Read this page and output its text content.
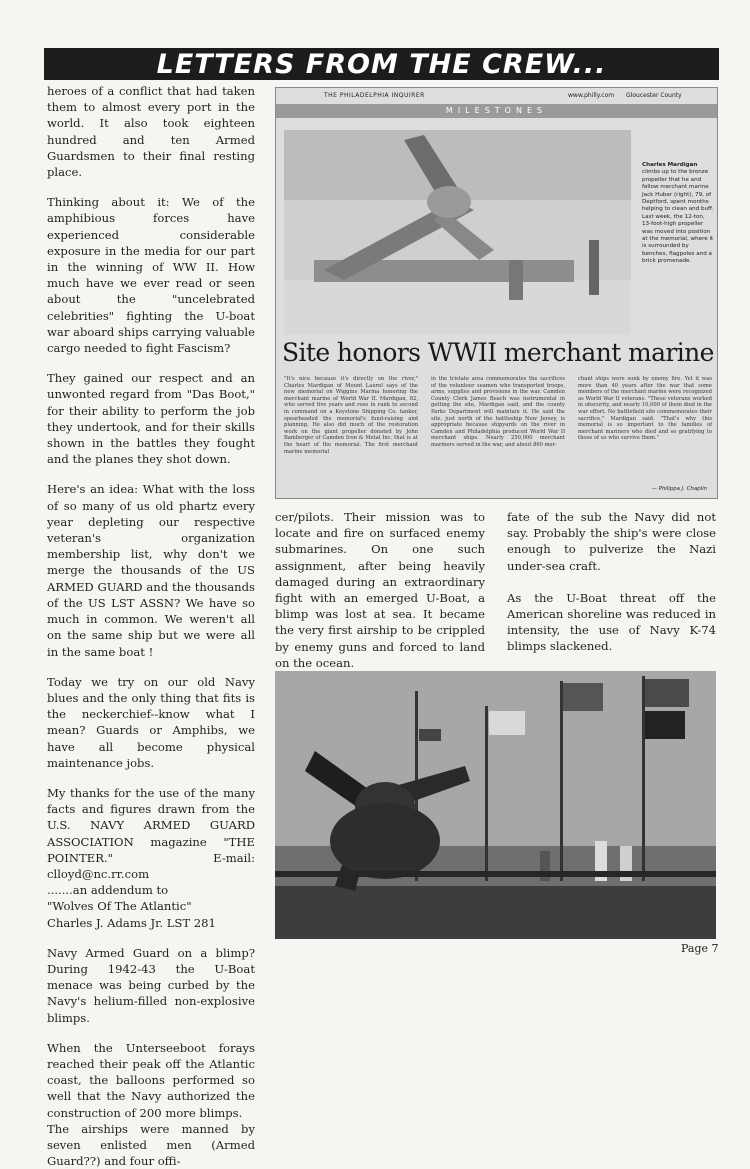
LETTERS FROM THE CREW...

heroes of a conflict that had taken them to almost every port in the world. It also took eighteen hundred and ten Armed Guardsmen to their final resting place.

Thinking about it: We of the amphibious forces have experienced considerable exposure in the media for our part in the winning of WW II. How much have we ever read or seen about the "uncelebrated celebrities" fighting the U-boat war aboard ships carrying valuable cargo needed to fight Fascism?

They gained our respect and an unwonted regard from "Das Boot," for their ability to perform the job they undertook, and for their skills shown in the battles they fought and the planes they shot down.

Here's an idea: What with the loss of so many of us old phartz every year depleting our respective veteran's organization membership list, why don't we merge the thousands of the US ARMED GUARD and the thousands of the US LST ASSN? We have so much in common. We weren't all on the same ship but we were all in the same boat !

Today we try on our old Navy blues and the only thing that fits is the neckerchief--know what I mean? Guards or Amphibs, we have all become physical maintenance jobs.

My thanks for the use of the many facts and figures drawn from the U.S. NAVY ARMED GUARD ASSOCIATION magazine "THE POINTER." E-mail: clloyd@nc.rr.com

.......an addendum to

"Wolves Of The Atlantic"

Charles J. Adams Jr. LST 281

Navy Armed Guard on a blimp? During 1942-43 the U-Boat menace was being curbed by the Navy's helium-filled non-explosive blimps.

When the Unterseeboot forays reached their peak off the Atlantic coast, the balloons performed so well that the Navy authorized the construction of 200 more blimps.

The airships were manned by seven enlisted men (Armed Guard??) and four offi-

THE PHILADELPHIA INQUIRER	www.philly.com Gloucester County
MILESTONES
Charles Mardigan
climbs up to the bronze propeller that he and fellow merchant marine Jack Huber (right), 79, of Deptford, spent months helping to clean and buff. Last week, the 12-ton, 13-foot-high propeller was moved into position at the memorial, where it is surrounded by benches, flagpoles and a brick promenade.
Site honors WWII merchant marine
"It's nice because it's directly on the river," Charles Mardigan of Mount Laurel says of the new memorial on Wiggins Marina honoring the merchant marine of World War II. Mardigan, 82, who served five years and rose in rank to second in command on a Keystone Shipping Co. tanker, spearheaded the memorial's fund-raising and planning. He also did much of the restoration work on the giant propeller donated by John Bamberger of Camden Iron & Metal Inc. that is at the heart of the memorial. The first merchant marine memorial
in the tristate area commemorates the sacrifices of the volunteer seamen who transported troops, arms, supplies and provisions in the war. Camden County Clerk James Beach was instrumental in getting the site, Mardigan said, and the county Parks Department will maintain it. He said the site, just north of the battleship New Jersey, is appropriate because shipyards on the river in Camden and Philadelphia produced World War II merchant ships. Nearly 250,000 merchant mariners served in the war, and about 860 mer-
chant ships were sunk by enemy fire. Yet it was more than 40 years after the war that some members of the merchant marine were recognized as World War II veterans. "These veterans worked in obscurity, and nearly 10,000 of them died in the war effort. No battlefield site commemorates their sacrifice," Mardigan said. "That's why this memorial is so important to the families of merchant mariners who died and so gratifying to those of us who survive them."
— Philippa J. Chaplin

cer/pilots. Their mission was to locate and fire on surfaced enemy submarines. On one such assignment, after being heavily damaged during an extraordinary fight with an emerged U-Boat, a blimp was lost at sea. It became the very first airship to be crippled by enemy guns and forced to land on the ocean.

fate of the sub the Navy did not say. Probably the ship's were close enough to pulverize the Nazi under-sea craft.

As the U-Boat threat off the American shoreline was reduced in intensity, the use of Navy K-74 blimps slackened.

Page 7
